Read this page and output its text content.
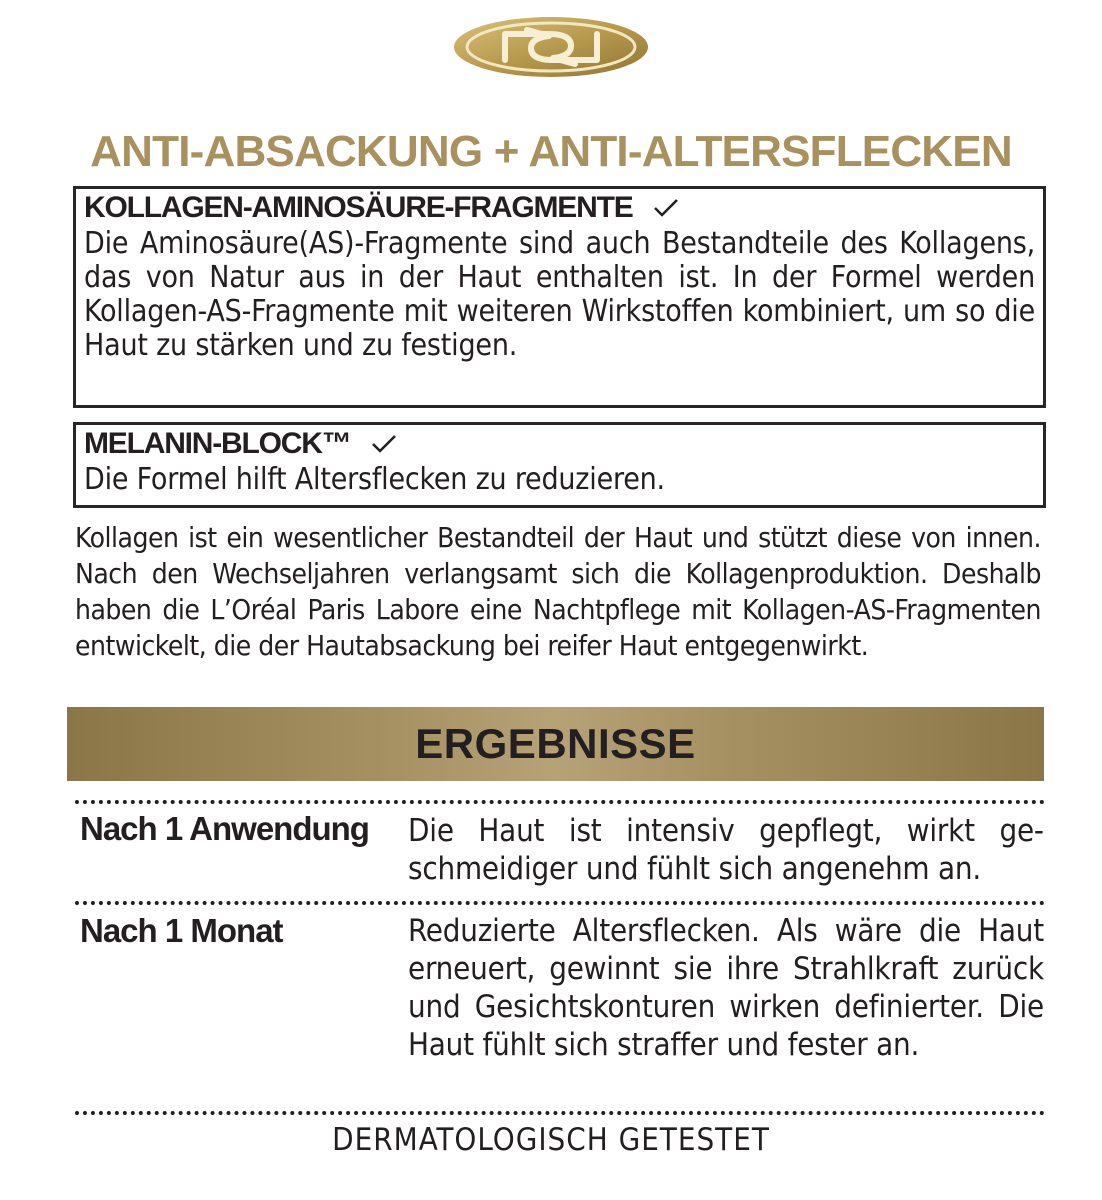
ANTI-ABSACKUNG + ANTI-ALTERSFLECKEN
KOLLAGEN-AMINOSÄURE-FRAGMENTE

Die Aminosäure(AS)-Fragmente sind auch Bestandteile des Kollagens, das von Natur aus in der Haut enthalten ist. In der Formel werden Kollagen-AS-Fragmente mit weiteren Wirkstoffen kombiniert, um so die Haut zu stärken und zu festigen.

MELANIN-BLOCK™

Die Formel hilft Altersflecken zu reduzieren.

Kollagen ist ein wesentlicher Bestandteil der Haut und stützt diese von innen. Nach den Wechseljahren verlangsamt sich die Kollagenproduktion. Deshalb haben die L’Oréal Paris Labore eine Nachtpflege mit Kollagen-AS-Fragmenten entwickelt, die der Hautabsackung bei reifer Haut entgegenwirkt.

ERGEBNISSE
Nach 1 Anwendung	Die Haut ist intensiv gepflegt, wirkt geschmeidiger und fühlt sich angenehm an.

Nach 1 Monat	Reduzierte Altersflecken. Als wäre die Haut erneuert, gewinnt sie ihre Strahlkraft zurück und Gesichtskonturen wirken definierter. Die Haut fühlt sich straffer und fester an.

DERMATOLOGISCH GETESTET
